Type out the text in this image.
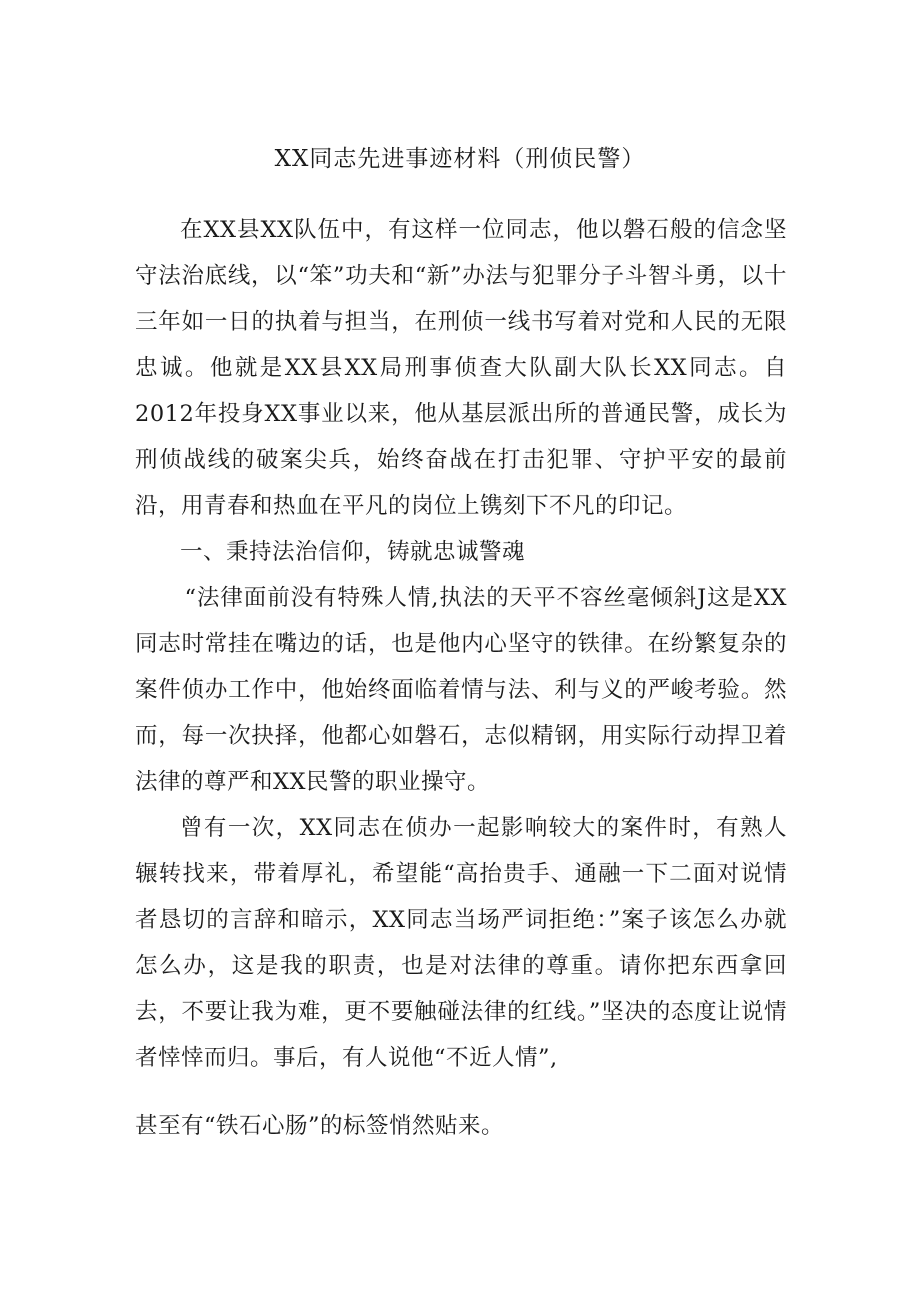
XX同志先进事迹材料（刑侦民警）

在XX县XX队伍中，有这样一位同志，他以磐石般的信念坚守法治底线，以“笨”功夫和“新”办法与犯罪分子斗智斗勇，以十三年如一日的执着与担当，在刑侦一线书写着对党和人民的无限忠诚。他就是XX县XX局刑事侦查大队副大队长XX同志。自2012年投身XX事业以来，他从基层派出所的普通民警，成长为刑侦战线的破案尖兵，始终奋战在打击犯罪、守护平安的最前沿，用青春和热血在平凡的岗位上镌刻下不凡的印记。

一、秉持法治信仰，铸就忠诚警魂

“法律面前没有特殊人情,执法的天平不容丝毫倾斜J这是XX同志时常挂在嘴边的话，也是他内心坚守的铁律。在纷繁复杂的案件侦办工作中，他始终面临着情与法、利与义的严峻考验。然而，每一次抉择，他都心如磐石，志似精钢，用实际行动捍卫着法律的尊严和XX民警的职业操守。

曾有一次，XX同志在侦办一起影响较大的案件时，有熟人辗转找来，带着厚礼，希望能“高抬贵手、通融一下二面对说情者恳切的言辞和暗示，XX同志当场严词拒绝：”案子该怎么办就怎么办，这是我的职责，也是对法律的尊重。请你把东西拿回去，不要让我为难，更不要触碰法律的红线。”坚决的态度让说情者悻悻而归。事后，有人说他“不近人情”,

甚至有“铁石心肠”的标签悄然贴来。
